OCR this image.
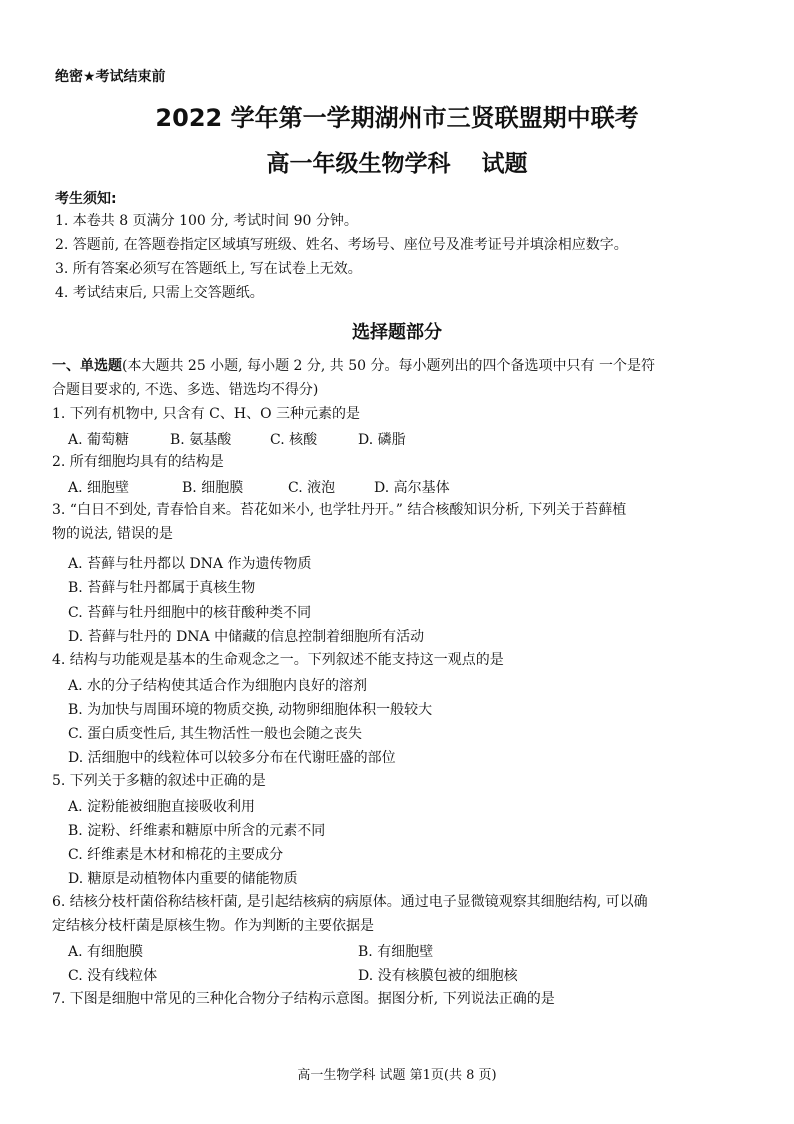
绝密★考试结束前
2022 学年第一学期湖州市三贤联盟期中联考
高一年级生物学科　 试题
考生须知:
1. 本卷共 8 页满分 100 分, 考试时间 90 分钟。
2. 答题前, 在答题卷指定区域填写班级、姓名、考场号、座位号及准考证号并填涂相应数字。
3. 所有答案必须写在答题纸上, 写在试卷上无效。
4. 考试结束后, 只需上交答题纸。
选择题部分
一、单选题(本大题共 25 小题, 每小题 2 分, 共 50 分。每小题列出的四个备选项中只有 一个是符
合题目要求的, 不选、多选、错选均不得分)
1. 下列有机物中, 只含有 C、H、O 三种元素的是
A. 葡萄糖	B. 氨基酸	C. 核酸	D. 磷脂
2. 所有细胞均具有的结构是
A. 细胞壁	B. 细胞膜	C. 液泡	D. 高尔基体
3. “白日不到处, 青春恰自来。苔花如米小, 也学牡丹开。” 结合核酸知识分析, 下列关于苔藓植
物的说法, 错误的是
A. 苔藓与牡丹都以 DNA 作为遗传物质
B. 苔藓与牡丹都属于真核生物
C. 苔藓与牡丹细胞中的核苷酸种类不同
D. 苔藓与牡丹的 DNA 中储藏的信息控制着细胞所有活动
4. 结构与功能观是基本的生命观念之一。下列叙述不能支持这一观点的是
A. 水的分子结构使其适合作为细胞内良好的溶剂
B. 为加快与周围环境的物质交换, 动物卵细胞体积一般较大
C. 蛋白质变性后, 其生物活性一般也会随之丧失
D. 活细胞中的线粒体可以较多分布在代谢旺盛的部位
5. 下列关于多糖的叙述中正确的是
A. 淀粉能被细胞直接吸收利用
B. 淀粉、纤维素和糖原中所含的元素不同
C. 纤维素是木材和棉花的主要成分
D. 糖原是动植物体内重要的储能物质
6. 结核分枝杆菌俗称结核杆菌, 是引起结核病的病原体。通过电子显微镜观察其细胞结构, 可以确
定结核分枝杆菌是原核生物。作为判断的主要依据是
A. 有细胞膜	B. 有细胞壁
C. 没有线粒体	D. 没有核膜包被的细胞核
7. 下图是细胞中常见的三种化合物分子结构示意图。据图分析, 下列说法正确的是
高一生物学科 试题 第1页(共 8 页)
